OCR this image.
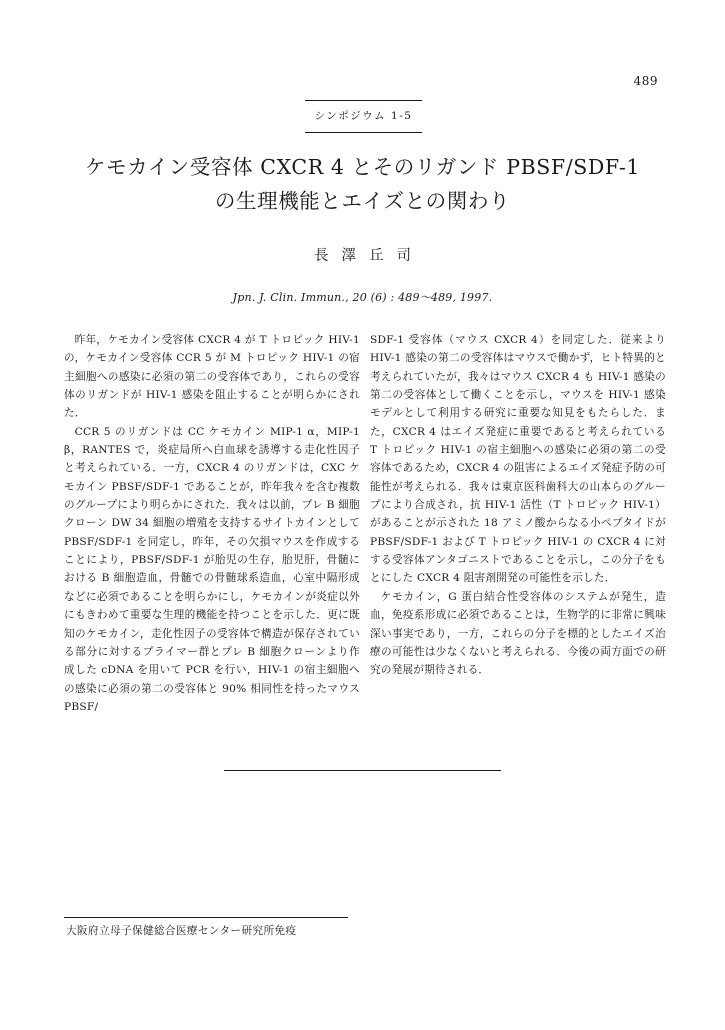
489
シンポジウム 1-5
ケモカイン受容体 CXCR 4 とそのリガンド PBSF/SDF-1
の生理機能とエイズとの関わり
長澤丘司
Jpn. J. Clin. Immun., 20 (6) : 489〜489, 1997.

昨年，ケモカイン受容体 CXCR 4 が T トロピック HIV-1 の，ケモカイン受容体 CCR 5 が M トロピック HIV-1 の宿主細胞への感染に必須の第二の受容体であり，これらの受容体のリガンドが HIV-1 感染を阻止することが明らかにされた．

CCR 5 のリガンドは CC ケモカイン MIP-1 α，MIP-1 β，RANTES で，炎症局所へ白血球を誘導する走化性因子と考えられている．一方，CXCR 4 のリガンドは，CXC ケモカイン PBSF/SDF-1 であることが，昨年我々を含む複数のグループにより明らかにされた．我々は以前，プレ B 細胞クローン DW 34 細胞の増殖を支持するサイトカインとして PBSF/SDF-1 を同定し，昨年，その欠損マウスを作成することにより，PBSF/SDF-1 が胎児の生存，胎児肝，骨髄における B 細胞造血，骨髄での骨髄球系造血，心室中隔形成などに必須であることを明らかにし，ケモカインが炎症以外にもきわめて重要な生理的機能を持つことを示した．更に既知のケモカイン，走化性因子の受容体で構造が保存されている部分に対するプライマー群とプレ B 細胞クローンより作成した cDNA を用いて PCR を行い，HIV-1 の宿主細胞への感染に必須の第二の受容体と 90% 相同性を持ったマウス PBSF/

SDF-1 受容体（マウス CXCR 4）を同定した．従来より HIV-1 感染の第二の受容体はマウスで働かず，ヒト特異的と考えられていたが，我々はマウス CXCR 4 も HIV-1 感染の第二の受容体として働くことを示し，マウスを HIV-1 感染モデルとして利用する研究に重要な知見をもたらした．また，CXCR 4 はエイズ発症に重要であると考えられている T トロピック HIV-1 の宿主細胞への感染に必須の第二の受容体であるため，CXCR 4 の阻害によるエイズ発症予防の可能性が考えられる．我々は東京医科歯科大の山本らのグループにより合成され，抗 HIV-1 活性（T トロピック HIV-1）があることが示された 18 アミノ酸からなる小ペプタイドが PBSF/SDF-1 および T トロピック HIV-1 の CXCR 4 に対する受容体アンタゴニストであることを示し，この分子をもとにした CXCR 4 阻害剤開発の可能性を示した．

ケモカイン，G 蛋白結合性受容体のシステムが発生，造血，免疫系形成に必須であることは，生物学的に非常に興味深い事実であり，一方，これらの分子を標的としたエイズ治療の可能性は少なくないと考えられる．今後の両方面での研究の発展が期待される．

大阪府立母子保健総合医療センター研究所免疫
